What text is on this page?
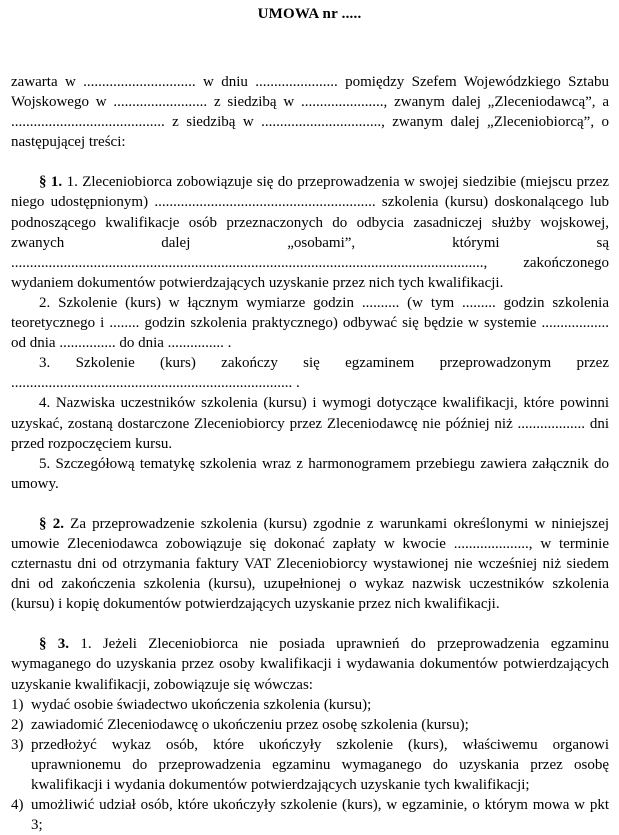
UMOWA nr .....

zawarta w .............................. w dniu ...................... pomiędzy Szefem Wojewódzkiego Sztabu Wojskowego w ......................... z siedzibą w ......................, zwanym dalej „Zleceniodawcą”, a ......................................... z siedzibą w ................................, zwanym dalej „Zleceniobiorcą”, o następującej treści:

§ 1. 1. Zleceniobiorca zobowiązuje się do przeprowadzenia w swojej siedzibie (miejscu przez niego udostępnionym) ........................................................... szkolenia (kursu) doskonalącego lub podnoszącego kwalifikacje osób przeznaczonych do odbycia zasadniczej służby wojskowej, zwanych dalej „osobami”, którymi są .............................................................................................................................., zakończonego wydaniem dokumentów potwierdzających uzyskanie przez nich tych kwalifikacji.

2. Szkolenie (kurs) w łącznym wymiarze godzin .......... (w tym ......... godzin szkolenia teoretycznego i ........ godzin szkolenia praktycznego) odbywać się będzie w systemie .................. od dnia ............... do dnia ............... .

3. Szkolenie (kurs) zakończy się egzaminem przeprowadzonym przez ........................................................................... .

4. Nazwiska uczestników szkolenia (kursu) i wymogi dotyczące kwalifikacji, które powinni uzyskać, zostaną dostarczone Zleceniobiorcy przez Zleceniodawcę nie później niż .................. dni przed rozpoczęciem kursu.

5. Szczegółową tematykę szkolenia wraz z harmonogramem przebiegu zawiera załącznik do umowy.

§ 2. Za przeprowadzenie szkolenia (kursu) zgodnie z warunkami określonymi w niniejszej umowie Zleceniodawca zobowiązuje się dokonać zapłaty w kwocie ...................., w terminie czternastu dni od otrzymania faktury VAT Zleceniobiorcy wystawionej nie wcześniej niż siedem dni od zakończenia szkolenia (kursu), uzupełnionej o wykaz nazwisk uczestników szkolenia (kursu) i kopię dokumentów potwierdzających uzyskanie przez nich kwalifikacji.

§ 3. 1. Jeżeli Zleceniobiorca nie posiada uprawnień do przeprowadzenia egzaminu wymaganego do uzyskania przez osoby kwalifikacji i wydawania dokumentów potwierdzających uzyskanie kwalifikacji, zobowiązuje się wówczas:

1) wydać osobie świadectwo ukończenia szkolenia (kursu);
2) zawiadomić Zleceniodawcę o ukończeniu przez osobę szkolenia (kursu);
3) przedłożyć wykaz osób, które ukończyły szkolenie (kurs), właściwemu organowi uprawnionemu do przeprowadzenia egzaminu wymaganego do uzyskania przez osobę kwalifikacji i wydania dokumentów potwierdzających uzyskanie tych kwalifikacji;
4) umożliwić udział osób, które ukończyły szkolenie (kurs), w egzaminie, o którym mowa w pkt 3;
